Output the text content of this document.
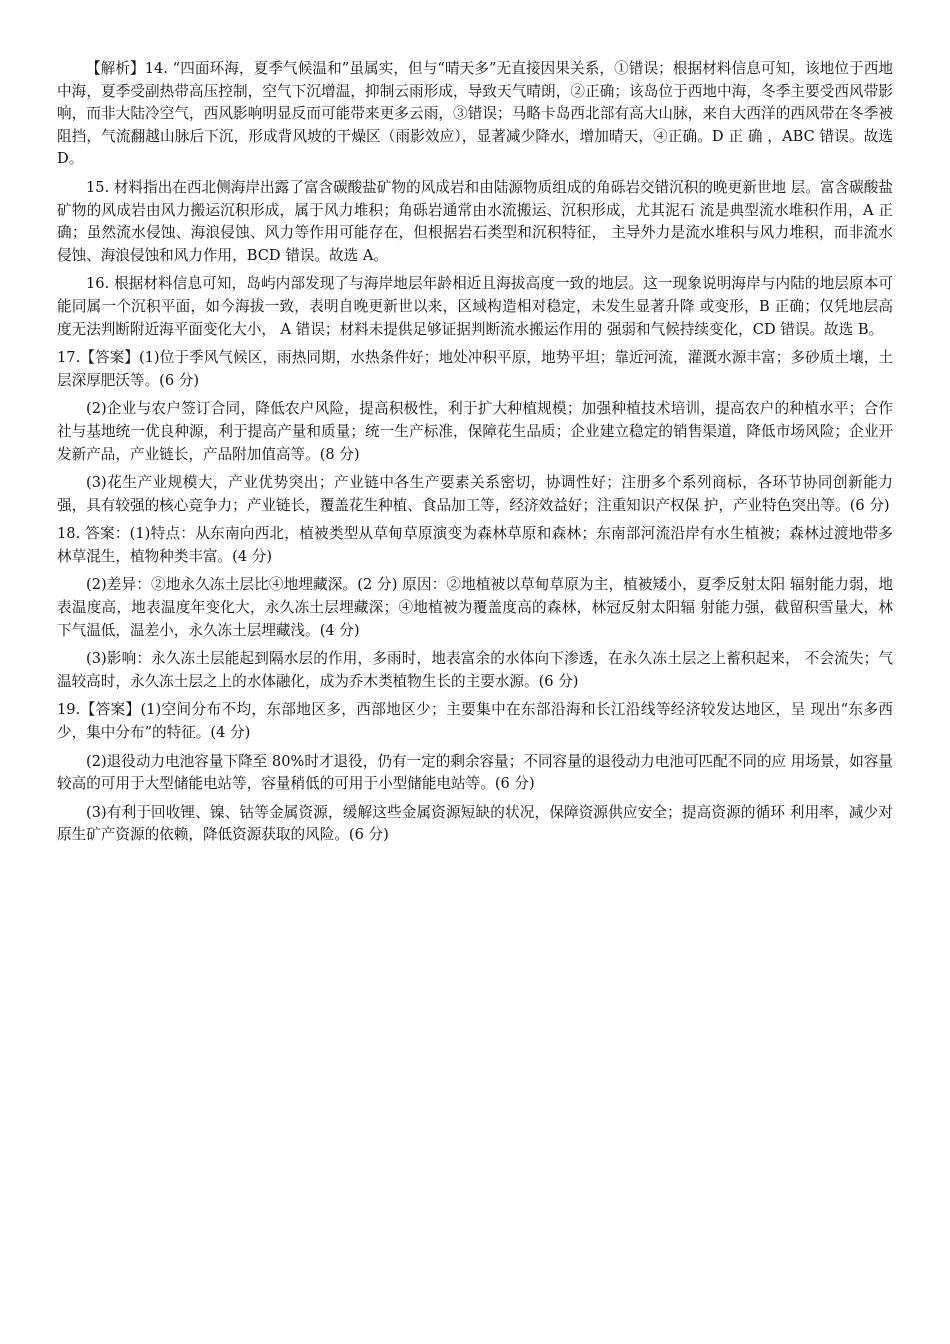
【解析】14. “四面环海，夏季气候温和”虽属实，但与“晴天多”无直接因果关系，①错误；根据材料信息可知，该地位于西地中海，夏季受副热带高压控制，空气下沉增温，抑制云雨形成，导致天气晴朗，②正确；该岛位于西地中海，冬季主要受西风带影响，而非大陆冷空气，西风影响明显反而可能带来更多云雨，③错误；马略卡岛西北部有高大山脉，来自大西洋的西风带在冬季被阻挡，气流翻越山脉后下沉，形成背风坡的干燥区（雨影效应），显著减少降水，增加晴天，④正确。D 正 确 ，ABC 错误。故选 D。

15. 材料指出在西北侧海岸出露了富含碳酸盐矿物的风成岩和由陆源物质组成的角砾岩交错沉积的晚更新世地 层。富含碳酸盐矿物的风成岩由风力搬运沉积形成，属于风力堆积；角砾岩通常由水流搬运、沉积形成，尤其泥石 流是典型流水堆积作用，A 正确；虽然流水侵蚀、海浪侵蚀、风力等作用可能存在，但根据岩石类型和沉积特征， 主导外力是流水堆积与风力堆积，而非流水侵蚀、海浪侵蚀和风力作用，BCD 错误。故选 A。

16. 根据材料信息可知，岛屿内部发现了与海岸地层年龄相近且海拔高度一致的地层。这一现象说明海岸与内陆的地层原本可能同属一个沉积平面，如今海拔一致，表明自晚更新世以来，区域构造相对稳定，未发生显著升降 或变形，B 正确；仅凭地层高度无法判断附近海平面变化大小， A 错误；材料未提供足够证据判断流水搬运作用的 强弱和气候持续变化，CD 错误。故选 B。

17.【答案】(1)位于季风气候区，雨热同期，水热条件好；地处冲积平原，地势平坦；靠近河流，灌溉水源丰富；多砂质土壤，土层深厚肥沃等。(6 分)

(2)企业与农户签订合同，降低农户风险，提高积极性，利于扩大种植规模；加强种植技术培训，提高农户的种植水平；合作社与基地统一优良种源，利于提高产量和质量；统一生产标准，保障花生品质；企业建立稳定的销售渠道，降低市场风险；企业开发新产品，产业链长，产品附加值高等。(8 分)

(3)花生产业规模大，产业优势突出；产业链中各生产要素关系密切，协调性好；注册多个系列商标，各环节协同创新能力强，具有较强的核心竞争力；产业链长，覆盖花生种植、食品加工等，经济效益好；注重知识产权保 护，产业特色突出等。(6 分)

18. 答案：(1)特点：从东南向西北，植被类型从草甸草原演变为森林草原和森林；东南部河流沿岸有水生植被；森林过渡地带多林草混生，植物种类丰富。(4 分)

(2)差异：②地永久冻土层比④地埋藏深。(2 分) 原因：②地植被以草甸草原为主，植被矮小，夏季反射太阳 辐射能力弱，地表温度高，地表温度年变化大，永久冻土层埋藏深；④地植被为覆盖度高的森林，林冠反射太阳辐 射能力强，截留积雪量大，林下气温低，温差小，永久冻土层埋藏浅。(4 分)

(3)影响：永久冻土层能起到隔水层的作用，多雨时，地表富余的水体向下渗透，在永久冻土层之上蓄积起来， 不会流失；气温较高时，永久冻土层之上的水体融化，成为乔木类植物生长的主要水源。(6 分)

19.【答案】(1)空间分布不均，东部地区多，西部地区少；主要集中在东部沿海和长江沿线等经济较发达地区，呈 现出“东多西少，集中分布”的特征。(4 分)

(2)退役动力电池容量下降至 80%时才退役，仍有一定的剩余容量；不同容量的退役动力电池可匹配不同的应 用场景，如容量较高的可用于大型储能电站等，容量稍低的可用于小型储能电站等。(6 分)

(3)有利于回收锂、镍、钴等金属资源，缓解这些金属资源短缺的状况，保障资源供应安全；提高资源的循环 利用率，减少对原生矿产资源的依赖，降低资源获取的风险。(6 分)
